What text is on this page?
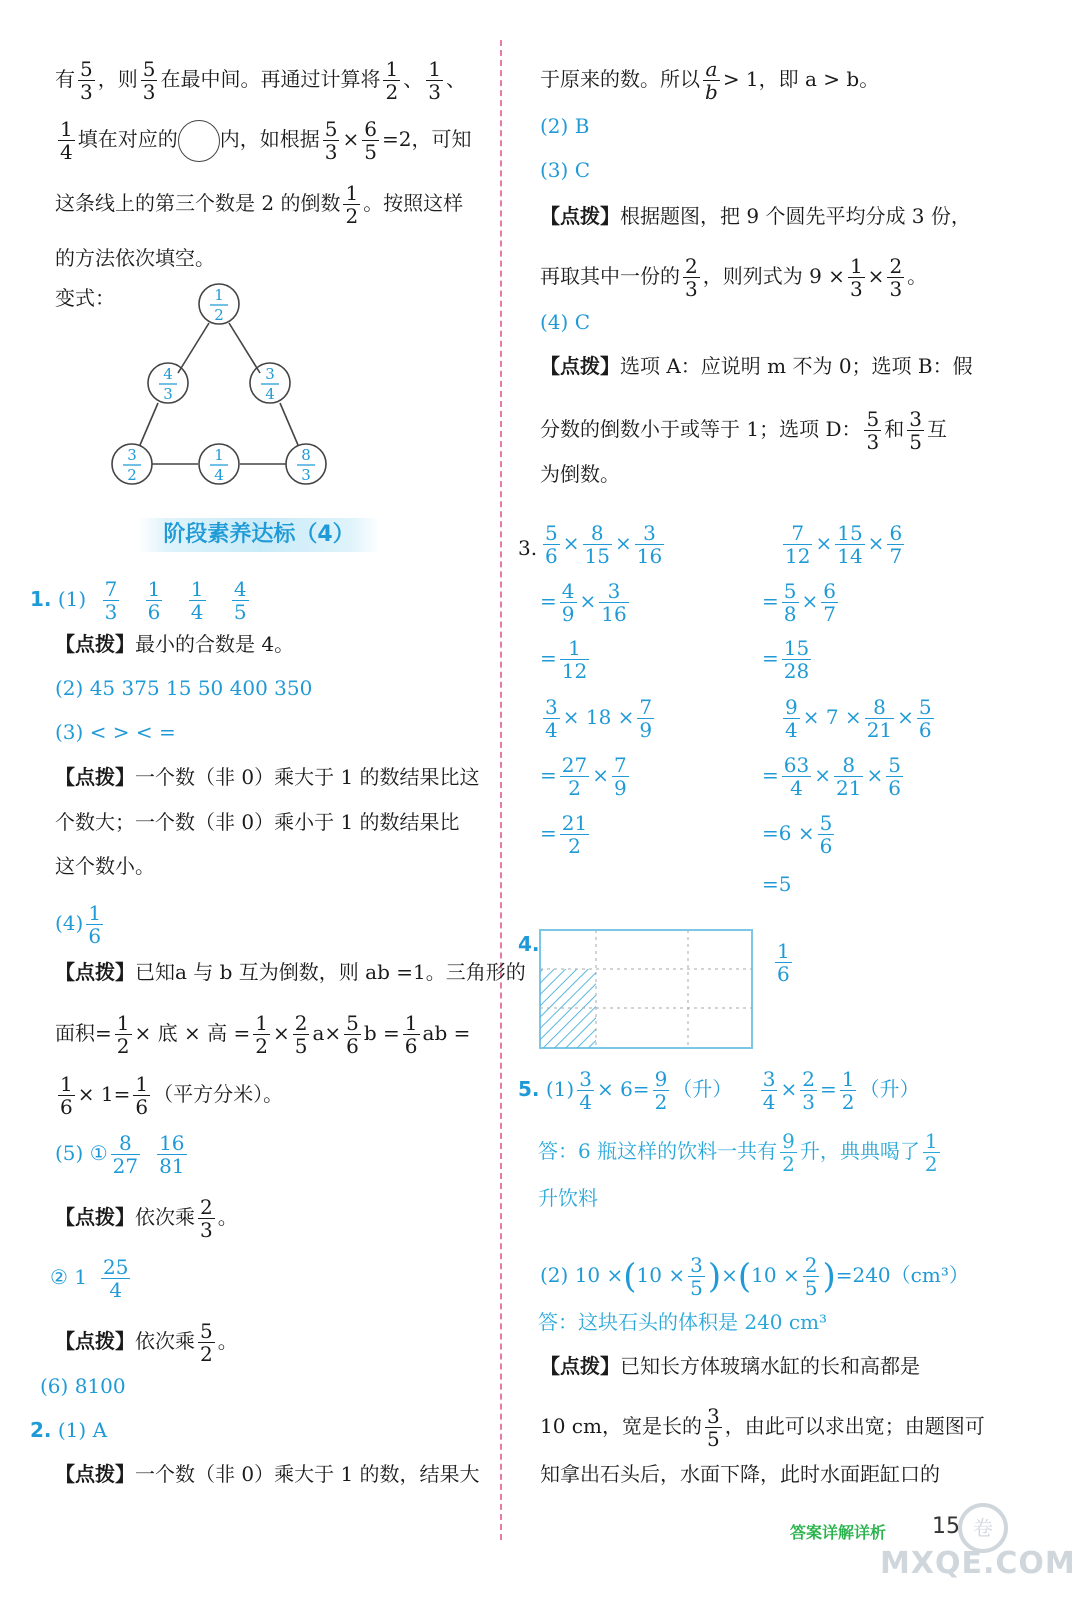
有 $\frac{5}{3}$ ，则 $\frac{5}{3}$ 在最中间。再通过计算将 $\frac{1}{2}$ 、 $\frac{1}{3}$ 、
$\frac{1}{4}$ 填在对应的 内，如根据 $\frac{5}{3} \times \frac{6}{5} =2$，可知
这条线上的第三个数是 2 的倒数 $\frac{1}{2}$ 。按照这样
的方法依次填空。
变式：	1
2
4
3
3
4
3
2
1
4
8
3
阶段素养达标（4）
1. $(1) \frac{7}{3}$
$\frac{1}{6}$
$\frac{1}{4}$
$\frac{4}{5}$
【点拨】最小的合数是 4。
(2) 45 375 15 50 400 350
(3) < > < =
【点拨】一个数（非 0）乘大于 1 的数结果比这
个数大；一个数（非 0）乘小于 1 的数结果比
这个数小。
$(4) \frac{1}{6}$
【点拨】已知a 与 b 互为倒数，则 ab =1。三角形的
面积= $\frac{1}{2}$ × 底 × 高 = $\frac{1}{2} \times \frac{2}{5} a\times \frac{5}{6}$ $b = \frac{1}{6}$ ab =
$\frac{1}{6} \times 1= \frac{1}{6}$ （平方分米）。
(5) ① $\frac{8}{27} \frac{16}{81}$
【点拨】依次乘 $\frac{2}{3}$ 。
② $1 \frac{25}{4}$
【点拨】依次乘 $\frac{5}{2}$ 。
(6) 8100
2. (1) A
【点拨】一个数（非 0）乘大于 1 的数，结果大
于原来的数。所以 $\frac{a}{b} > 1$，即 a > b。
(2) B
(3) C
【点拨】根据题图，把 9 个圆先平均分成 3 份，
再取其中一份的 $\frac{2}{3}$ ，则列式为 $9 \times \frac{1}{3} \times \frac{2}{3}$ 。
(4) C
【点拨】选项 A：应说明 m 不为 0；选项 B：假
分数的倒数小于或等于 1；选项 D： $\frac{5}{3}$ 和 $\frac{3}{5}$ 互
为倒数。
3. $\frac{5}{6} \times \frac{8}{15} \times \frac{3}{16}$
= $\frac{4}{9} \times \frac{3}{16}$
= $\frac{1}{12}$
$\frac{3}{4} \times 18 \times \frac{7}{9}$
= $\frac{27}{2} \times \frac{7}{9}$
= $\frac{21}{2}$
$\frac{7}{12} \times \frac{15}{14} \times \frac{6}{7}$
= $\frac{5}{8} \times \frac{6}{7}$
= $\frac{15}{28}$
$\frac{9}{4} \times 7 \times \frac{8}{21} \times \frac{5}{6}$
= $\frac{63}{4} \times \frac{8}{21} \times \frac{5}{6}$
$=6 \times \frac{5}{6}$
=5
4.	$\frac{1}{6}$
5. $(1) \frac{3}{4} \times 6= \frac{9}{2}$ （升） $\frac{3}{4} \times \frac{2}{3} = \frac{1}{2}$ （升）
答：6 瓶这样的饮料一共有 $\frac{9}{2}$ 升，典典喝了 $\frac{1}{2}$
升饮料
(2) $10 \times(10 \times \frac{3}{5} )\times(10 \times \frac{2}{5} )=240(cm^3)$
答：这块石头的体积是 240 cm³
【点拨】已知长方体玻璃水缸的长和高都是
10 cm，宽是长的 $\frac{3}{5}$ ，由此可以求出宽；由题图可
知拿出石头后，水面下降，此时水面距缸口的
答案详解详析 15 卷
MXQE.COM
